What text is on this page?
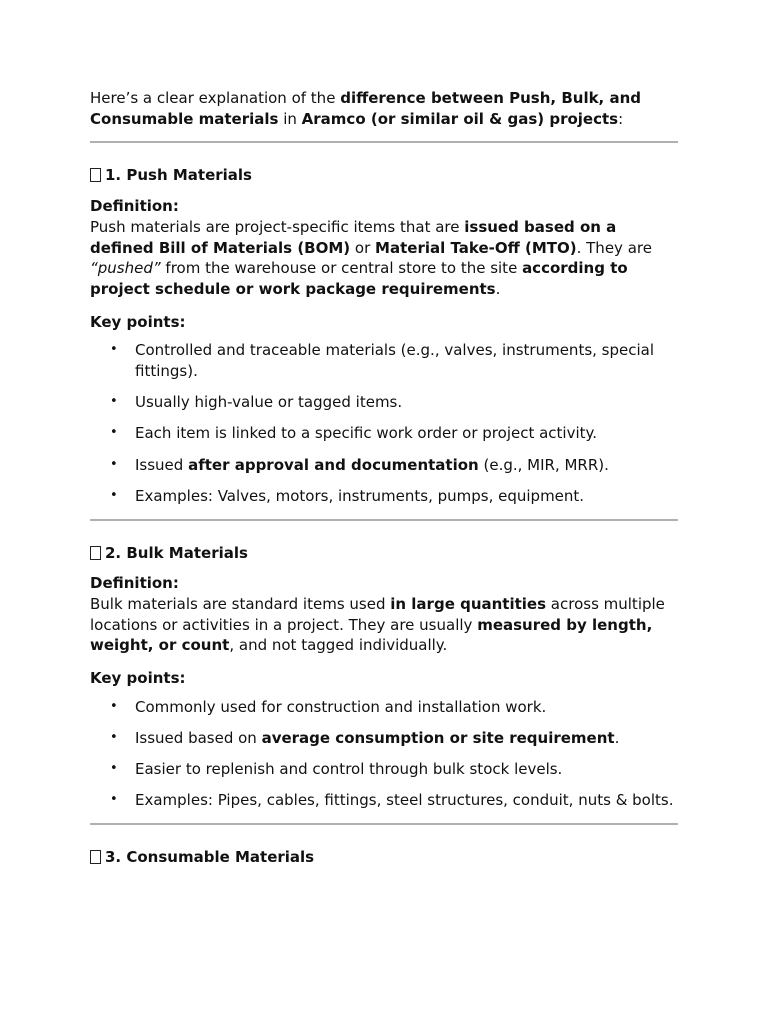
Here’s a clear explanation of the difference between Push, Bulk, and Consumable materials in Aramco (or similar oil & gas) projects:

1. Push Materials

Definition:

Push materials are project-specific items that are issued based on a defined Bill of Materials (BOM) or Material Take-Off (MTO). They are “pushed” from the warehouse or central store to the site according to project schedule or work package requirements.

Key points:

• Controlled and traceable materials (e.g., valves, instruments, special fittings).
• Usually high-value or tagged items.
• Each item is linked to a specific work order or project activity.
• Issued after approval and documentation (e.g., MIR, MRR).
• Examples: Valves, motors, instruments, pumps, equipment.
2. Bulk Materials

Definition:

Bulk materials are standard items used in large quantities across multiple locations or activities in a project. They are usually measured by length, weight, or count, and not tagged individually.

Key points:

• Commonly used for construction and installation work.
• Issued based on average consumption or site requirement.
• Easier to replenish and control through bulk stock levels.
• Examples: Pipes, cables, fittings, steel structures, conduit, nuts & bolts.
3. Consumable Materials
